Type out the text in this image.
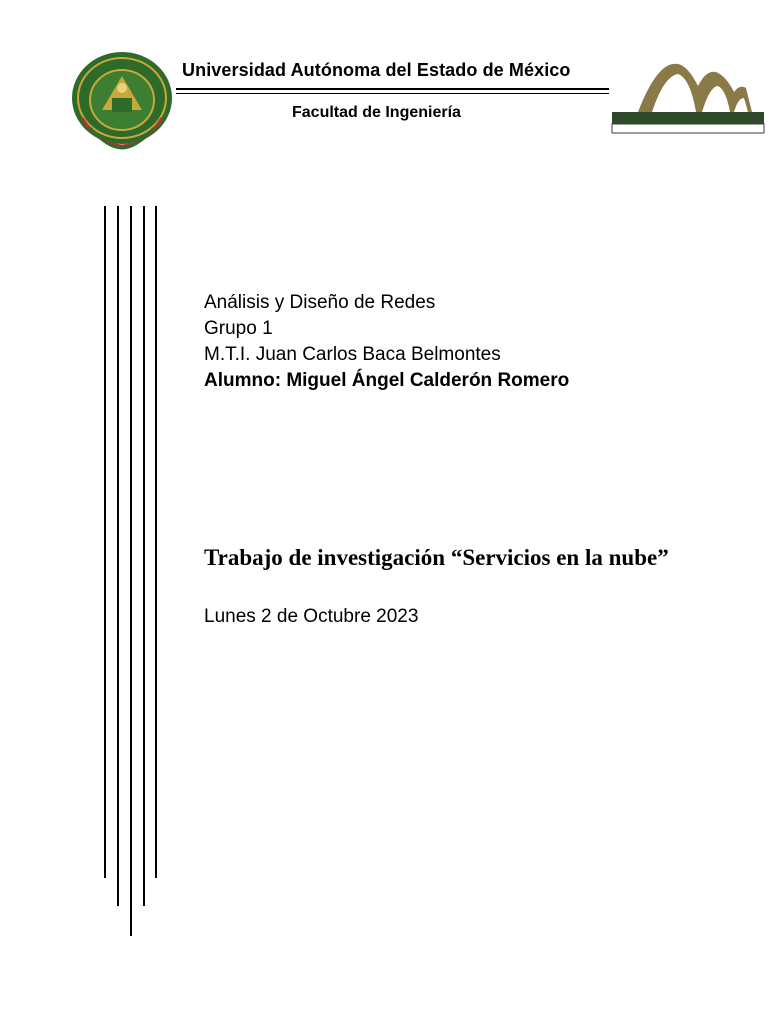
Universidad Autónoma del Estado de México
Facultad de Ingeniería
Análisis y Diseño de Redes
Grupo 1
M.T.I. Juan Carlos Baca Belmontes
Alumno: Miguel Ángel Calderón Romero
Trabajo de investigación “Servicios en la nube”
Lunes 2 de Octubre 2023
